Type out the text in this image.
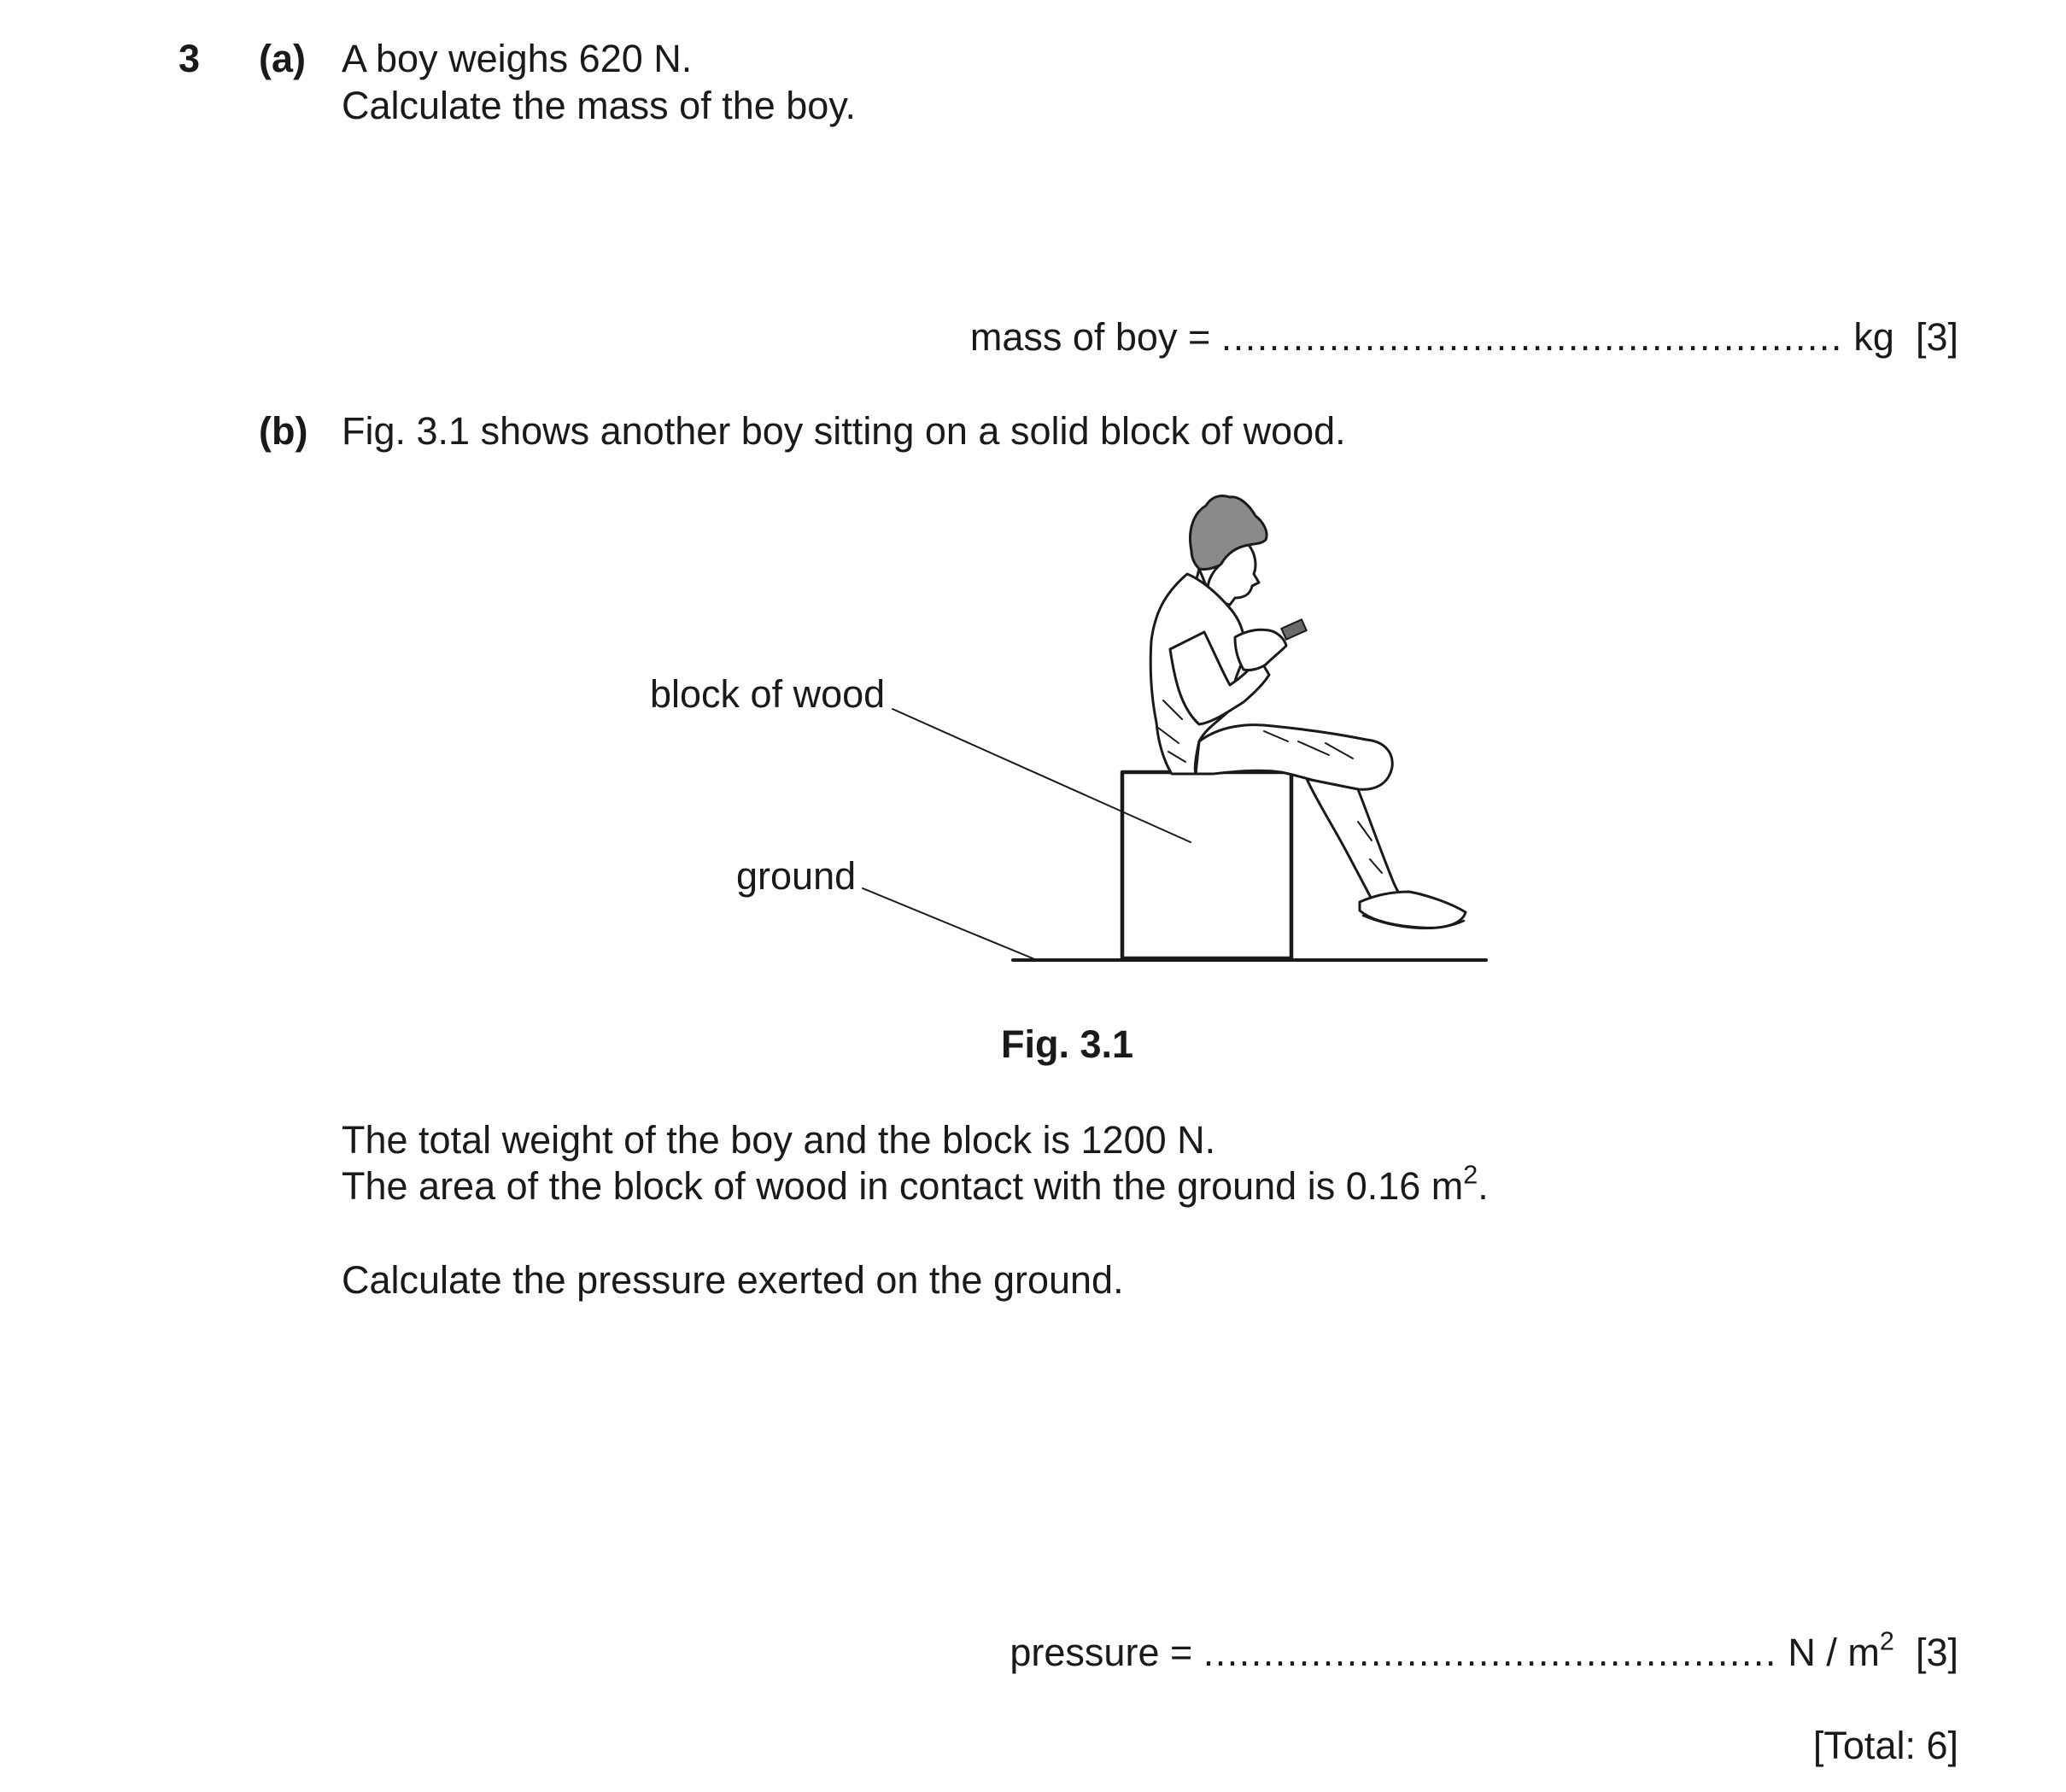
3 (a) A boy weighs 620 N.
Calculate the mass of the boy.
mass of boy = .................................................... kg [3]
(b) Fig. 3.1 shows another boy sitting on a solid block of wood.
block of wood
ground
Fig. 3.1
The total weight of the boy and the block is 1200 N.
The area of the block of wood in contact with the ground is 0.16 $m^2$.
Calculate the pressure exerted on the ground.
pressure = ................................................ N / $m^2$ [3]
[Total: 6]
